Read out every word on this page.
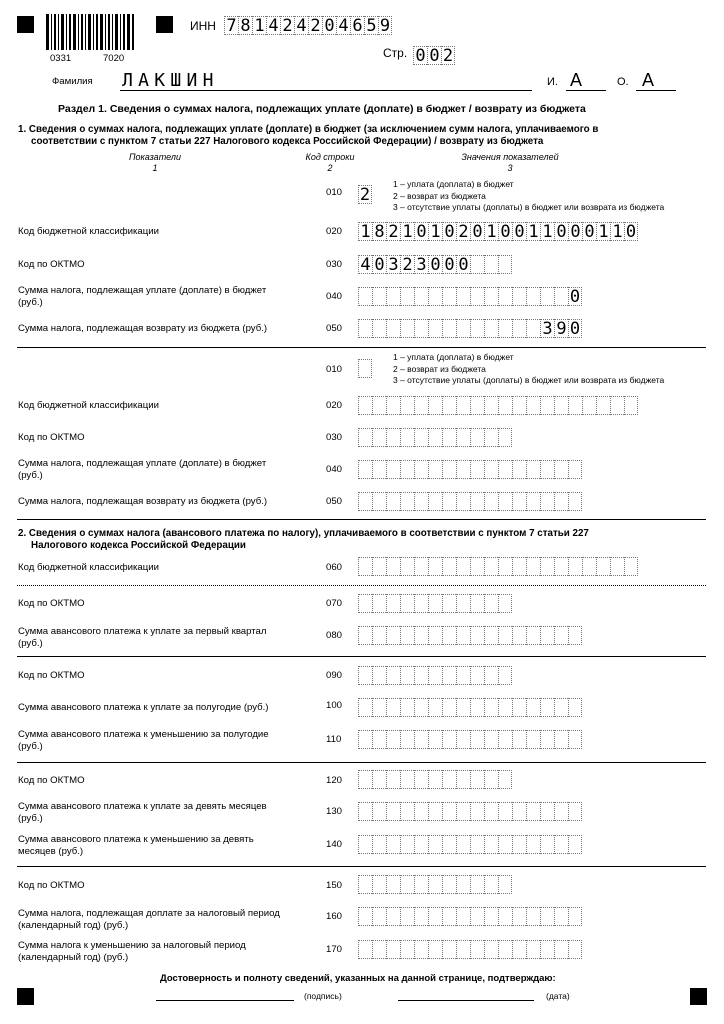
0331	7020
ИНН 7 8 1 4 2 4 2 0 4 6 5 9
Стр. 0 0 2
Фамилия ЛАКШИН	И. А	О. А
Раздел 1. Сведения о суммах налога, подлежащих уплате (доплате) в бюджет / возврату из бюджета
1. Сведения о суммах налога, подлежащих уплате (доплате) в бюджет (за исключением сумм налога, уплачиваемого в
соответствии с пунктом 7 статьи 227 Налогового кодекса Российской Федерации) / возврату из бюджета
Показатели
1
Код строки
2
Значения показателей
3
010 2
1 – уплата (доплата) в бюджет
2 – возврат из бюджета
3 – отсутствие уплаты (доплаты) в бюджет или возврата из бюджета
Код бюджетной классификации	020 1 8 2 1 0 1 0 2 0 1 0 0 1 1 0 0 0 1 1 0
Код по ОКТМО	030 4 0 3 2 3 0 0 0
Сумма налога, подлежащая уплате (доплате) в бюджет
(руб.)
040	0
Сумма налога, подлежащая возврату из бюджета (руб.)	050	3 9 0
010
1 – уплата (доплата) в бюджет
2 – возврат из бюджета
3 – отсутствие уплаты (доплаты) в бюджет или возврата из бюджета
Код бюджетной классификации	020
Код по ОКТМО	030
Сумма налога, подлежащая уплате (доплате) в бюджет
(руб.)
040
Сумма налога, подлежащая возврату из бюджета (руб.)	050
2. Сведения о суммах налога (авансового платежа по налогу), уплачиваемого в соответствии с пунктом 7 статьи 227
Налогового кодекса Российской Федерации
Код бюджетной классификации	060
Код по ОКТМО	070
Сумма авансового платежа к уплате за первый квартал
(руб.)
080
Код по ОКТМО	090
Сумма авансового платежа к уплате за полугодие (руб.)	100
Сумма авансового платежа к уменьшению за полугодие
(руб.)
110
Код по ОКТМО	120
Сумма авансового платежа к уплате за девять месяцев
(руб.)
130
Сумма авансового платежа к уменьшению за девять
месяцев (руб.)
140
Код по ОКТМО	150
Сумма налога, подлежащая доплате за налоговый период
(календарный год) (руб.)
160
Сумма налога к уменьшению за налоговый период
(календарный год) (руб.)
170
Достоверность и полноту сведений, указанных на данной странице, подтверждаю:
(подпись)	(дата)
